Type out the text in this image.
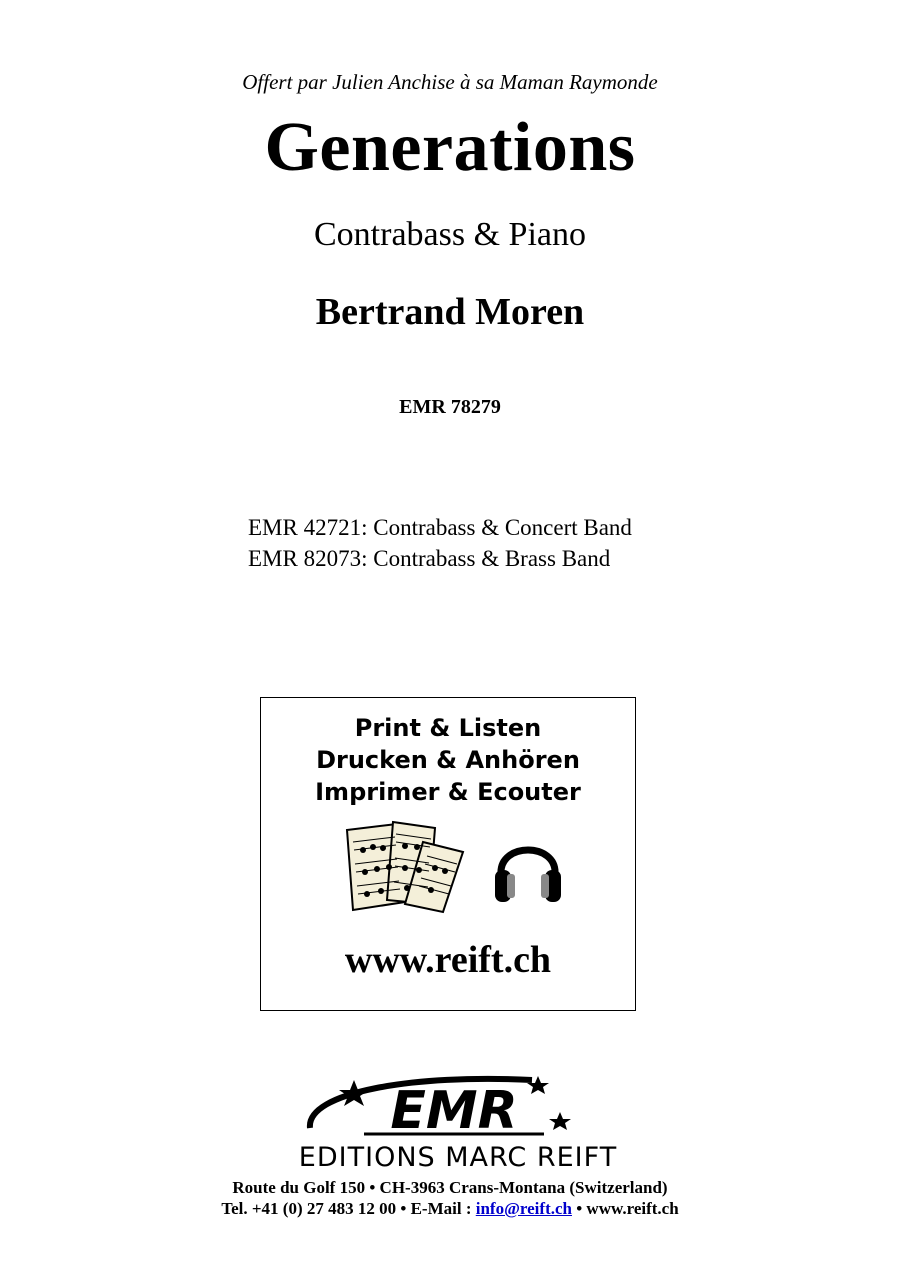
Offert par Julien Anchise à sa Maman Raymonde
Generations
Contrabass & Piano
Bertrand Moren
EMR 78279
EMR 42721: Contrabass & Concert Band
EMR 82073: Contrabass & Brass Band
Print & Listen
Drucken & Anhören
Imprimer & Ecouter
www.reift.ch
EMR
EDITIONS MARC REIFT
Route du Golf 150 • CH-3963 Crans-Montana (Switzerland)
Tel. +41 (0) 27 483 12 00 • E-Mail : info@reift.ch • www.reift.ch
